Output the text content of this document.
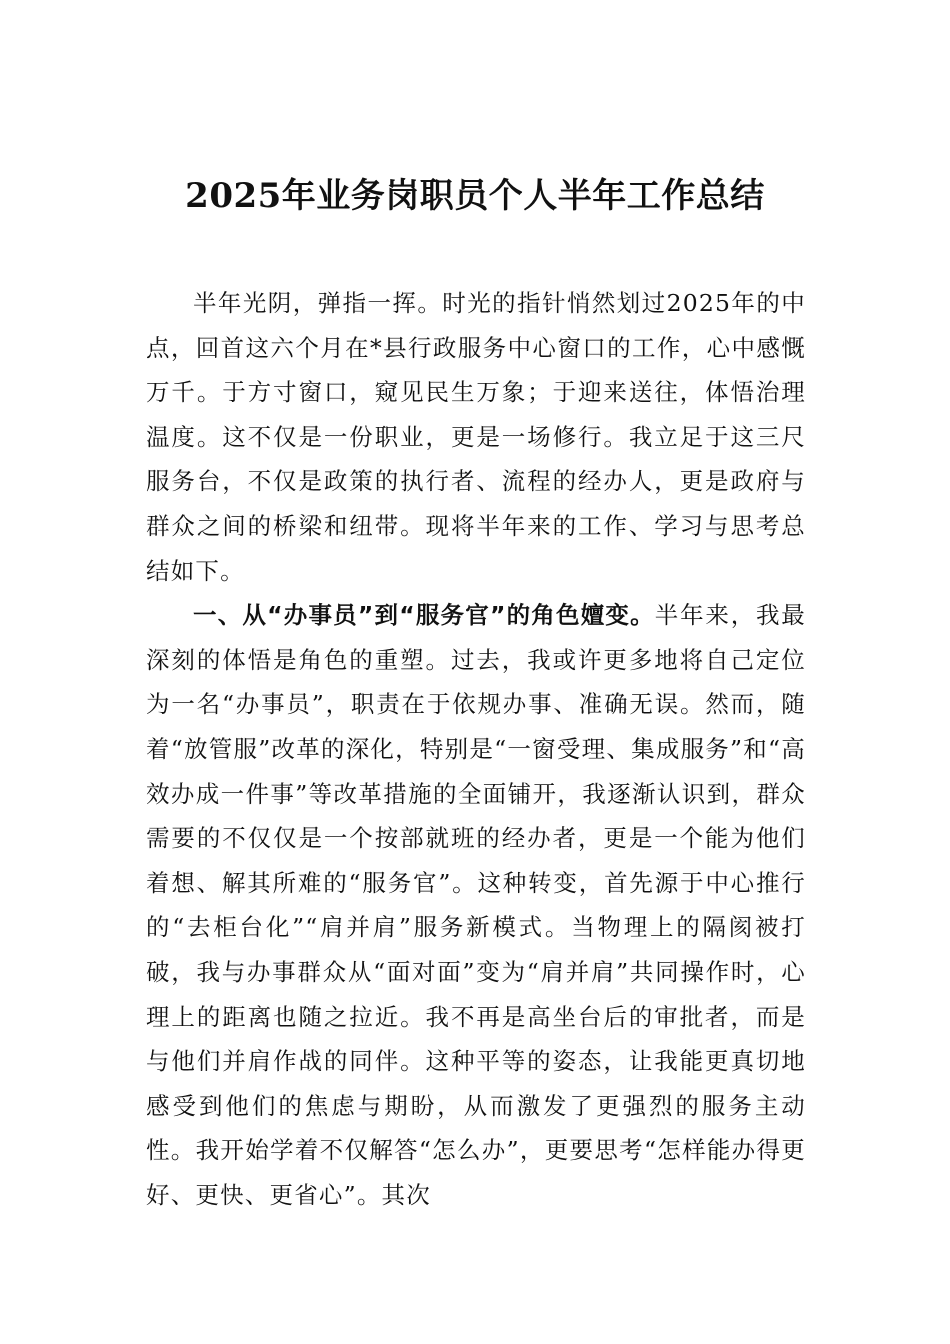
2025年业务岗职员个人半年工作总结

半年光阴，弹指一挥。时光的指针悄然划过2025年的中点，回首这六个月在*县行政服务中心窗口的工作，心中感慨万千。于方寸窗口，窥见民生万象；于迎来送往，体悟治理温度。这不仅是一份职业，更是一场修行。我立足于这三尺服务台，不仅是政策的执行者、流程的经办人，更是政府与群众之间的桥梁和纽带。现将半年来的工作、学习与思考总结如下。

一、从“办事员”到“服务官”的角色嬗变。半年来，我最深刻的体悟是角色的重塑。过去，我或许更多地将自己定位为一名“办事员”，职责在于依规办事、准确无误。然而，随着“放管服”改革的深化，特别是“一窗受理、集成服务”和“高效办成一件事”等改革措施的全面铺开，我逐渐认识到，群众需要的不仅仅是一个按部就班的经办者，更是一个能为他们着想、解其所难的“服务官”。这种转变，首先源于中心推行的“去柜台化”“肩并肩”服务新模式。当物理上的隔阂被打破，我与办事群众从“面对面”变为“肩并肩”共同操作时，心理上的距离也随之拉近。我不再是高坐台后的审批者，而是与他们并肩作战的同伴。这种平等的姿态，让我能更真切地感受到他们的焦虑与期盼，从而激发了更强烈的服务主动性。我开始学着不仅解答“怎么办”，更要思考“怎样能办得更好、更快、更省心”。其次
